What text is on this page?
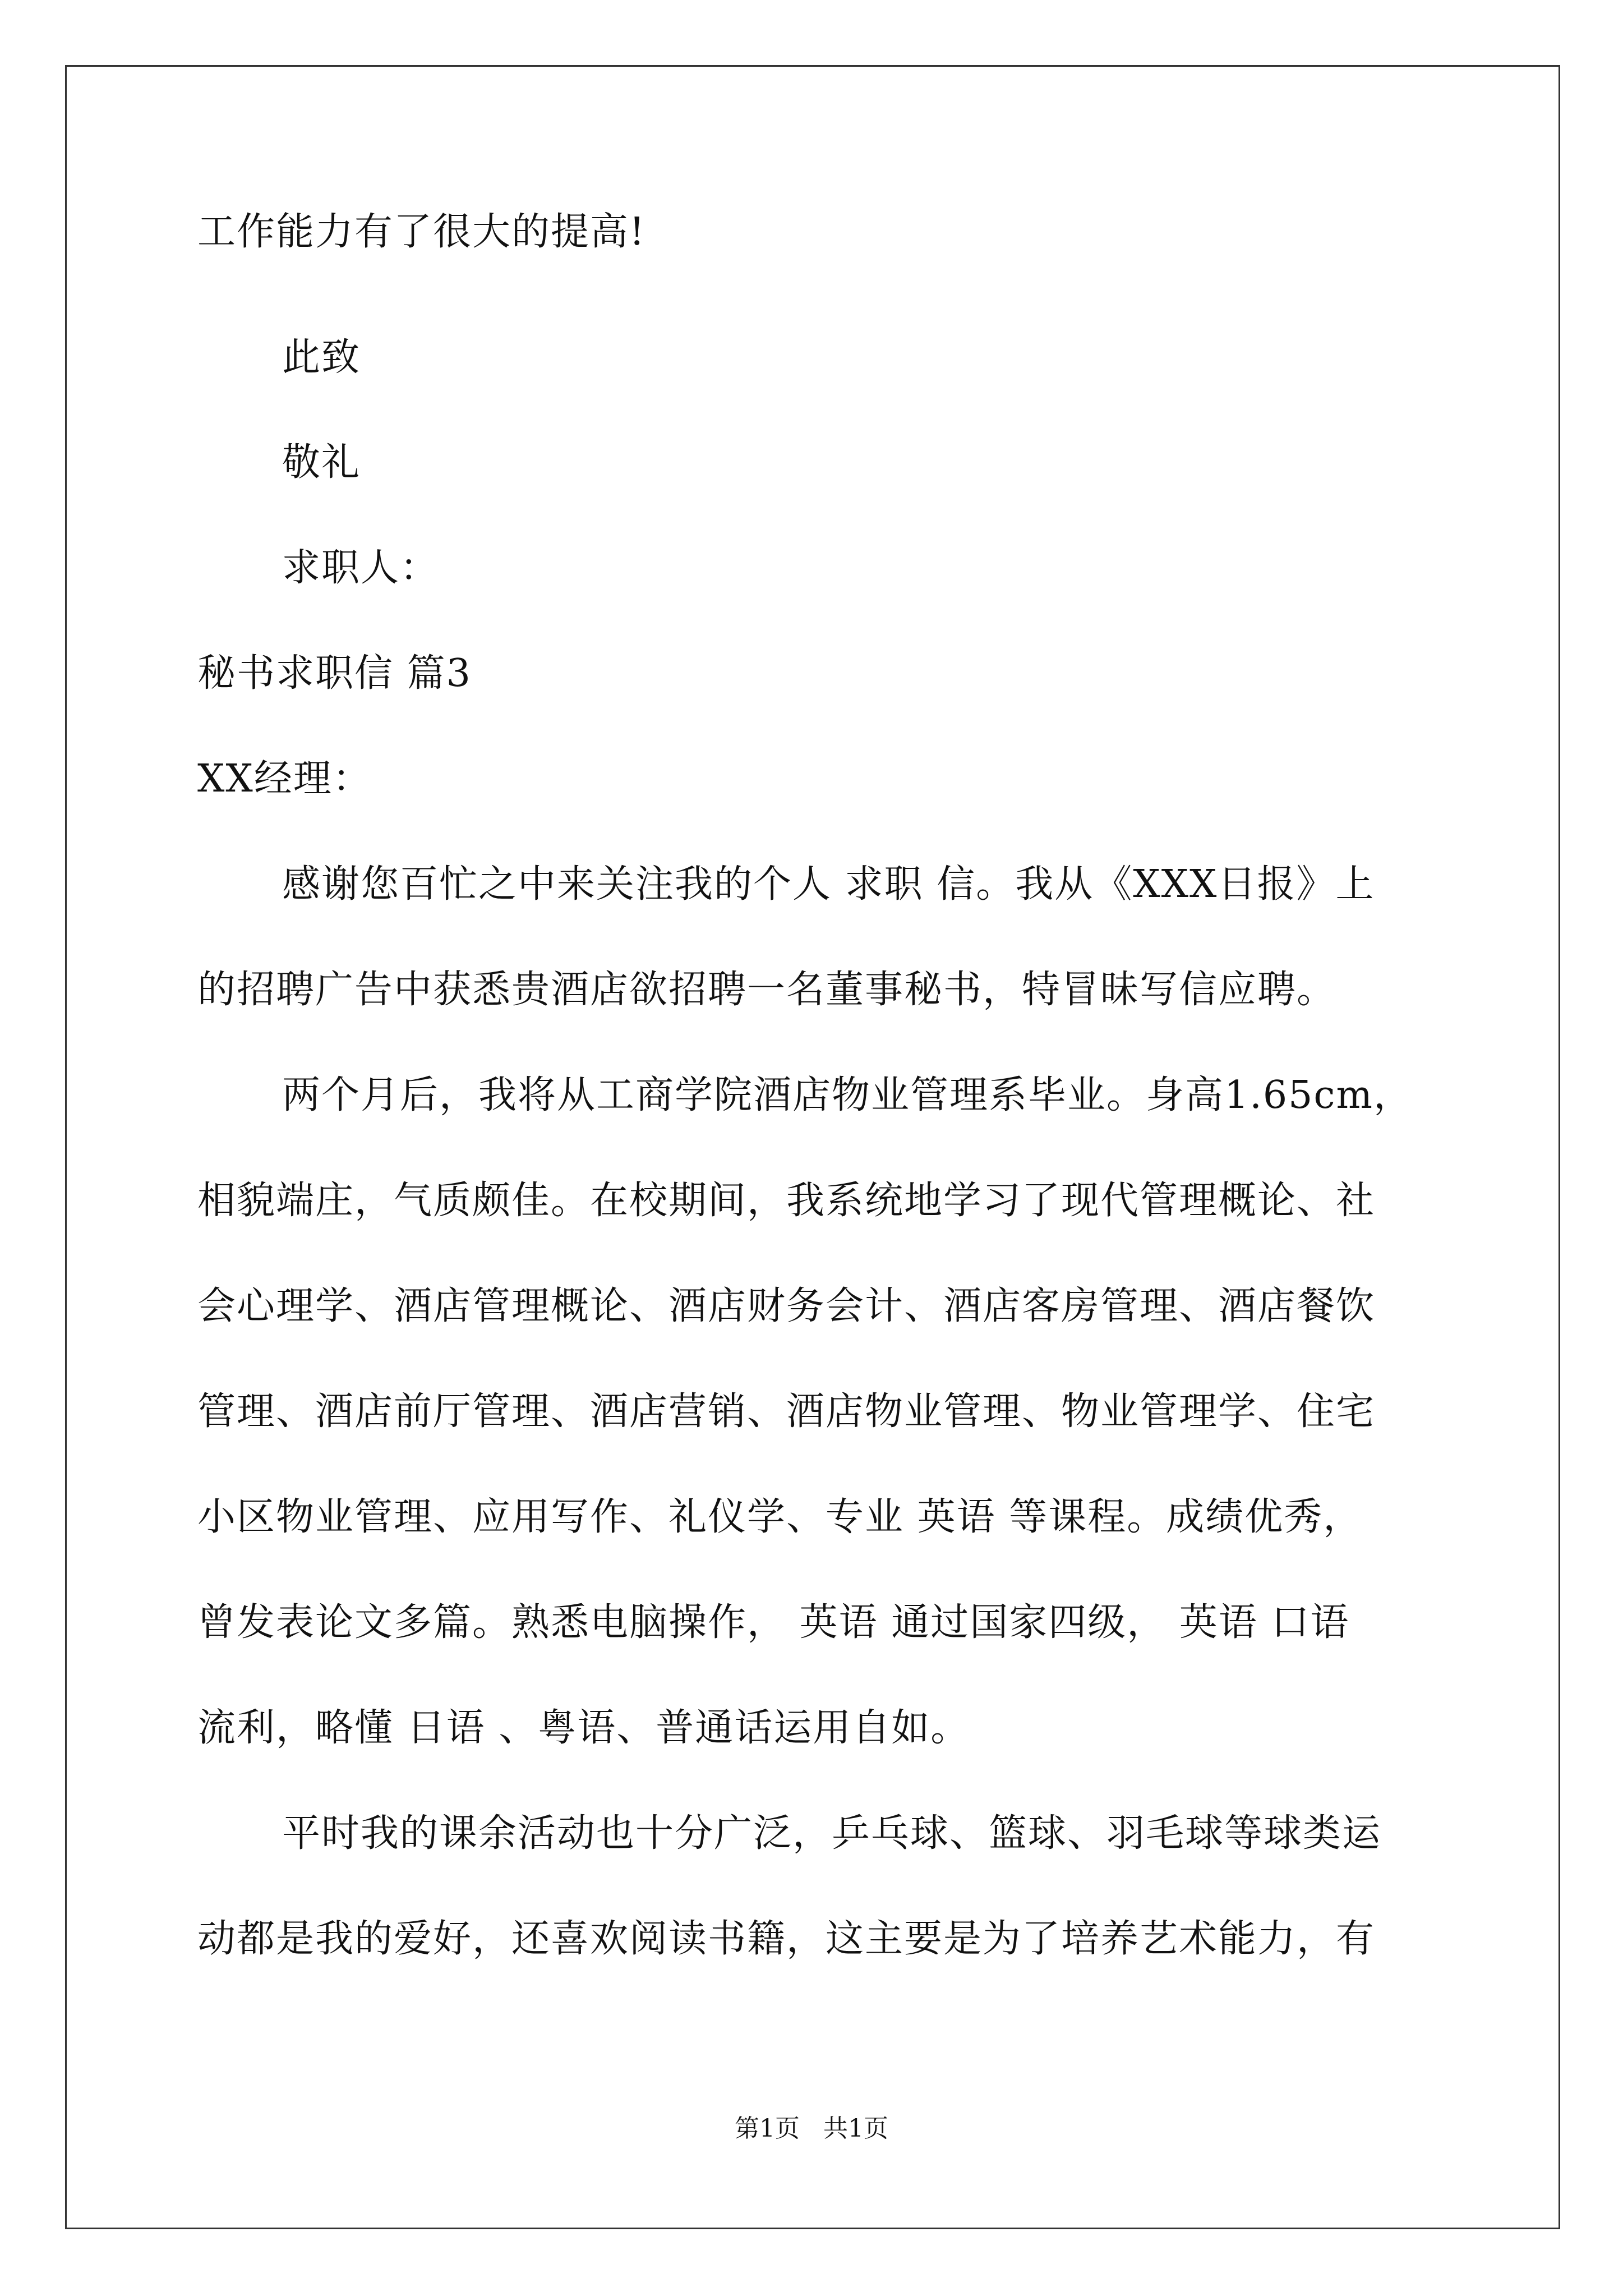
工作能力有了很大的提高!
此致
敬礼
求职人：
秘书求职信 篇3
XX经理：
感谢您百忙之中来关注我的个人 求职 信。我从《XXX日报》上
的招聘广告中获悉贵酒店欲招聘一名董事秘书，特冒昧写信应聘。
两个月后，我将从工商学院酒店物业管理系毕业。身高1.65cm，
相貌端庄，气质颇佳。在校期间，我系统地学习了现代管理概论、社
会心理学、酒店管理概论、酒店财务会计、酒店客房管理、酒店餐饮
管理、酒店前厅管理、酒店营销、酒店物业管理、物业管理学、住宅
小区物业管理、应用写作、礼仪学、专业 英语 等课程。成绩优秀，
曾发表论文多篇。熟悉电脑操作， 英语 通过国家四级， 英语 口语
流利，略懂 日语 、粤语、普通话运用自如。
平时我的课余活动也十分广泛，乒乓球、篮球、羽毛球等球类运
动都是我的爱好，还喜欢阅读书籍，这主要是为了培养艺术能力，有
第1页   共1页
